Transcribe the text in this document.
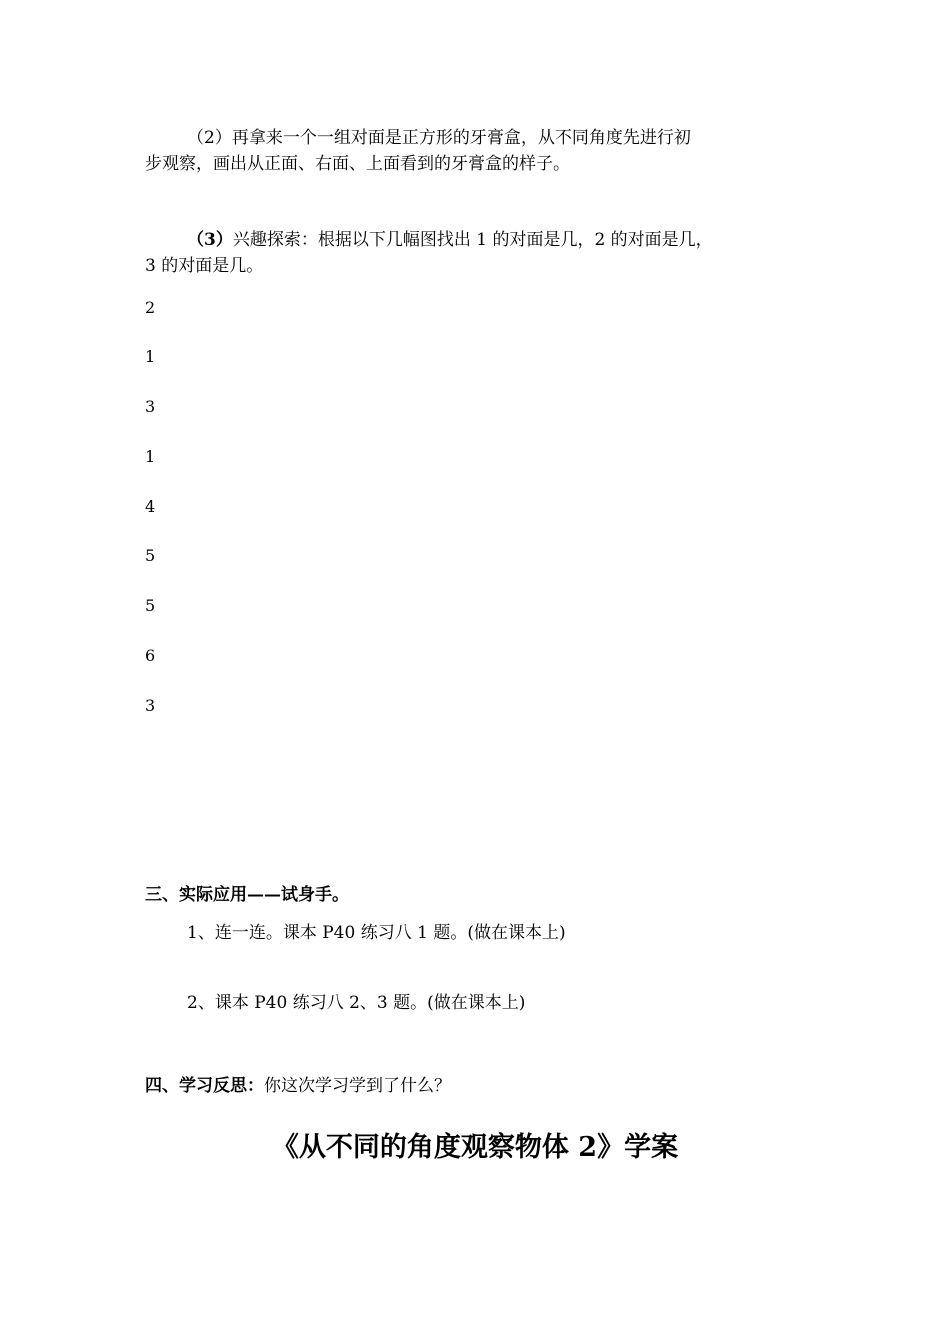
（2）再拿来一个一组对面是正方形的牙膏盒，从不同角度先进行初
步观察，画出从正面、右面、上面看到的牙膏盒的样子。
（3）兴趣探索：根据以下几幅图找出 1 的对面是几，2 的对面是几，
3 的对面是几。
2
1
3
1
4
5
5
6
3
三、实际应用——试身手。
1、连一连。课本 P40 练习八 1 题。(做在课本上)
2、课本 P40 练习八 2、3 题。(做在课本上)
四、学习反思：你这次学习学到了什么？
《从不同的角度观察物体 2》学案
